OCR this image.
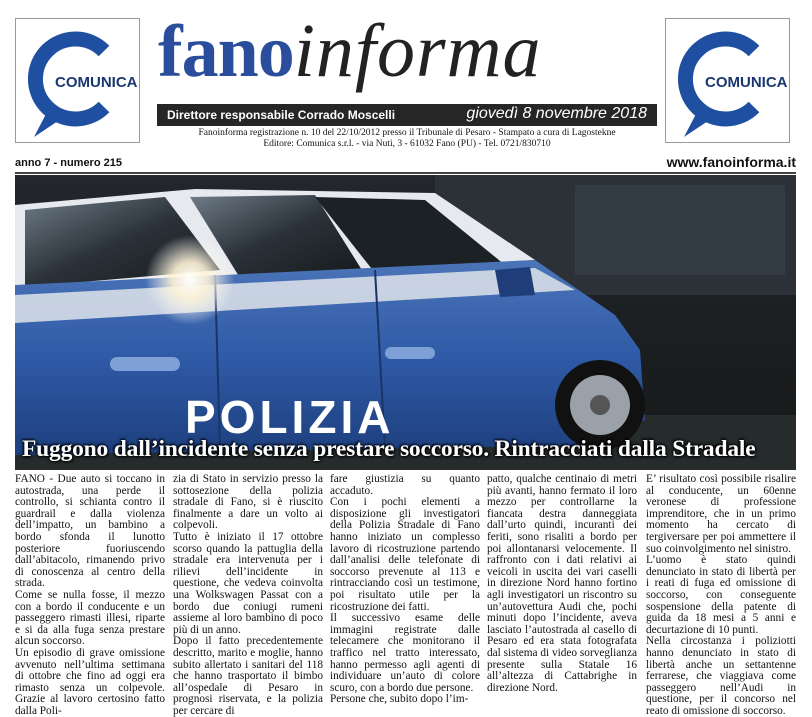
COMUNICA fanoinforma
Direttore responsabile Corrado Moscelli	giovedì 8 novembre 2018
Fanoinforma registrazione n. 10 del 22/10/2012 presso il Tribunale di Pesaro - Stampato a cura di Lagostekne
Editore: Comunica s.r.l. - via Nuti, 3 - 61032 Fano (PU) - Tel. 0721/830710
COMUNICA
anno 7 - numero 215	www.fanoinforma.it
POLIZIA
Fuggono dall’incidente senza prestare soccorso. Rintracciati dalla Stradale
FANO - Due auto si toccano in autostrada, una perde il controllo, si schianta contro il guardrail e dalla violenza dell’impatto, un bambino a bordo sfonda il lunotto posteriore fuoriuscendo dall’abitacolo, rimanendo privo di conoscenza al centro della strada.
Come se nulla fosse, il mezzo con a bordo il conducente e un passeggero rimasti illesi, riparte e si da alla fuga senza prestare alcun soccorso.
Un episodio di grave omissione avvenuto nell’ultima settimana di ottobre che fino ad oggi era rimasto senza un colpevole. Grazie al lavoro certosino fatto dalla Poli-
zia di Stato in servizio presso la sottosezione della polizia stradale di Fano, si è riuscito finalmente a dare un volto ai colpevoli.
Tutto è iniziato il 17 ottobre scorso quando la pattuglia della stradale era intervenuta per i rilievi dell’incidente in questione, che vedeva coinvolta una Wolkswagen Passat con a bordo due coniugi rumeni assieme al loro bambino di poco più di un anno.
Dopo il fatto precedentemente descritto, marito e moglie, hanno subito allertato i sanitari del 118 che hanno trasportato il bimbo all’ospedale di Pesaro in prognosi riservata, e la polizia per cercare di
fare giustizia su quanto accaduto.
Con i pochi elementi a disposizione gli investigatori della Polizia Stradale di Fano hanno iniziato un complesso lavoro di ricostruzione partendo dall’analisi delle telefonate di soccorso prevenute al 113 e rintracciando così un testimone, poi risultato utile per la ricostruzione dei fatti.
Il successivo esame delle immagini registrate dalle telecamere che monitorano il traffico nel tratto interessato, hanno permesso agli agenti di individuare un’auto di colore scuro, con a bordo due persone.
Persone che, subito dopo l’im-
patto, qualche centinaio di metri più avanti, hanno fermato il loro mezzo per controllarne la fiancata destra danneggiata dall’urto quindi, incuranti dei feriti, sono risaliti a bordo per poi allontanarsi velocemente. Il raffronto con i dati relativi ai veicoli in uscita dei vari caselli in direzione Nord hanno fortino agli investigatori un riscontro su un’autovettura Audi che, pochi minuti dopo l’incidente, aveva lasciato l’autostrada al casello di Pesaro ed era stata fotografata dal sistema di video sorveglianza presente sulla Statale 16 all’altezza di Cattabrighe in direzione Nord.
E’ risultato così possibile risalire al conducente, un 60enne veronese di professione imprenditore, che in un primo momento ha cercato di tergiversare per poi ammettere il suo coinvolgimento nel sinistro.
L’uomo è stato quindi denunciato in stato di libertà per i reati di fuga ed omissione di soccorso, con conseguente sospensione della patente di guida da 18 mesi a 5 anni e decurtazione di 10 punti.
Nella circostanza i poliziotti hanno denunciato in stato di libertà anche un settantenne ferrarese, che viaggiava come passeggero nell’Audi in questione, per il concorso nel reato di omissione di soccorso.
